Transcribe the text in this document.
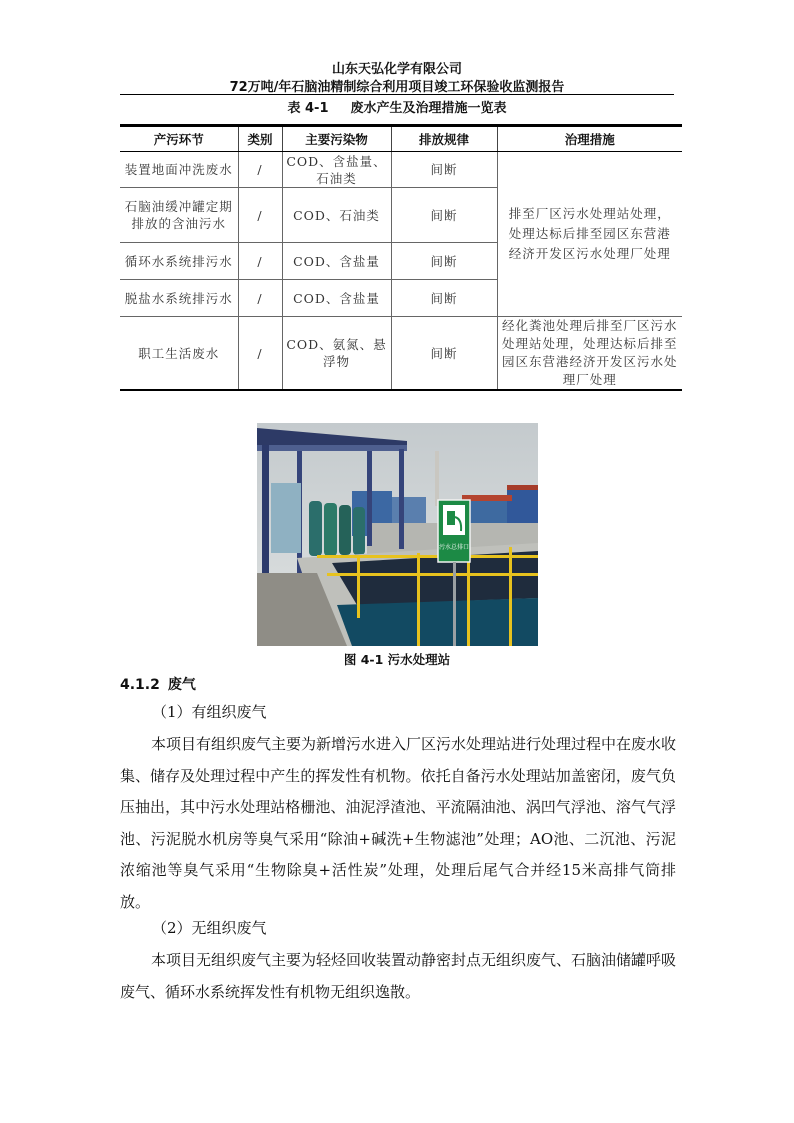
山东天弘化学有限公司
72万吨/年石脑油精制综合利用项目竣工环保验收监测报告
表 4-1 废水产生及治理措施一览表
产污环节	类别	主要污染物	排放规律	治理措施
装置地面冲洗废水	/	COD、含盐量、石油类	间断	排至厂区污水处理站处理，处理达标后排至园区东营港经济开发区污水处理厂处理
石脑油缓冲罐定期排放的含油污水	/	COD、石油类	间断	
循环水系统排污水	/	COD、含盐量	间断	
脱盐水系统排污水	/	COD、含盐量	间断	
职工生活废水	/	COD、氨氮、悬浮物	间断	经化粪池处理后排至厂区污水处理站处理，处理达标后排至园区东营港经济开发区污水处理厂处理
污水总排口
图 4-1 污水处理站
4.1.2 废气
（1）有组织废气

本项目有组织废气主要为新增污水进入厂区污水处理站进行处理过程中在废水收集、储存及处理过程中产生的挥发性有机物。依托自备污水处理站加盖密闭，废气负压抽出，其中污水处理站格栅池、油泥浮渣池、平流隔油池、涡凹气浮池、溶气气浮池、污泥脱水机房等臭气采用“除油+碱洗+生物滤池”处理；AO池、二沉池、污泥浓缩池等臭气采用“生物除臭+活性炭”处理，处理后尾气合并经15米高排气筒排放。

（2）无组织废气

本项目无组织废气主要为轻烃回收装置动静密封点无组织废气、石脑油储罐呼吸废气、循环水系统挥发性有机物无组织逸散。
